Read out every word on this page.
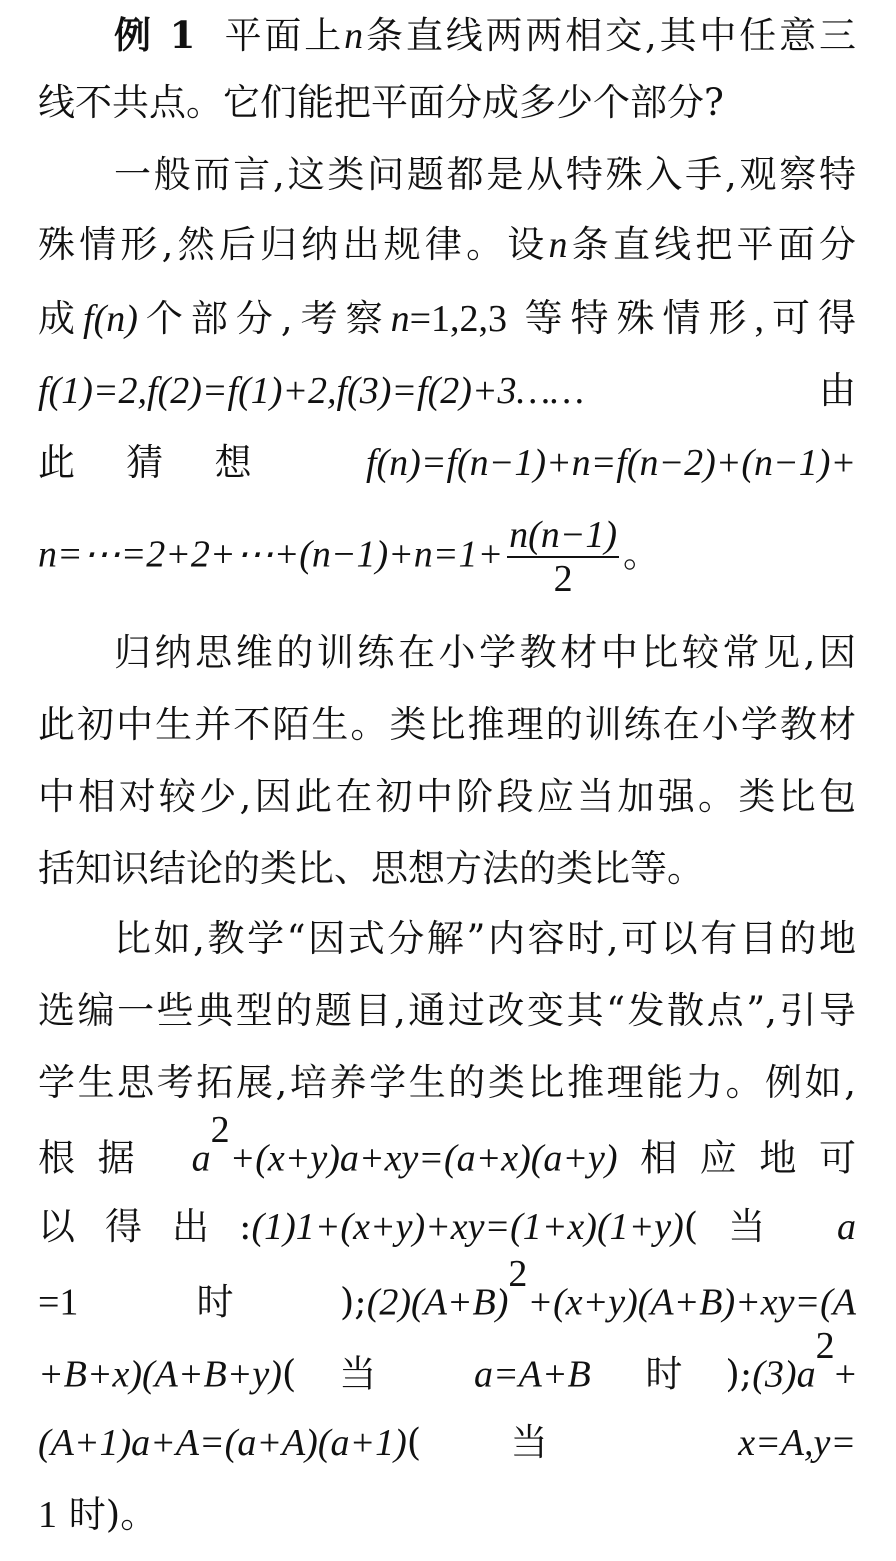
例 1 平面上n条直线两两相交,其中任意三
线不共点。它们能把平面分成多少个部分?
一般而言,这类问题都是从特殊入手,观察特
殊情形,然后归纳出规律。设n条直线把平面分
成f(n)个部分,考察n=1,2,3 等特殊情形,可得
f(1)=2,f(2)=f(1)+2,f(3)=f(2)+3……由
此猜想 f(n)=f(n−1)+n=f(n−2)+(n−1)+
n=⋯=2+2+⋯+(n−1)+n=1+ $\frac{n(n-1)}{2}$ 。
归纳思维的训练在小学教材中比较常见,因
此初中生并不陌生。类比推理的训练在小学教材
中相对较少,因此在初中阶段应当加强。类比包
括知识结论的类比、思想方法的类比等。
比如,教学“因式分解”内容时,可以有目的地
选编一些典型的题目,通过改变其“发散点”,引导
学生思考拓展,培养学生的类比推理能力。例如,
根据 $a^2+(x+y)a+xy=(a+x)(a+y)$相应地可
以得出:(1)1+(x+y)+xy=(1+x)(1+y)(当 a
=1	时)$;(2)(A+B)^2+(x+y)(A+B)+xy=(A$
+B+x)(A+B+y)(当 a=A+B 时)$;(3)a^2+$
(A+1)a+A=(a+A)(a+1)(当	x=A,y=
1 时)。
